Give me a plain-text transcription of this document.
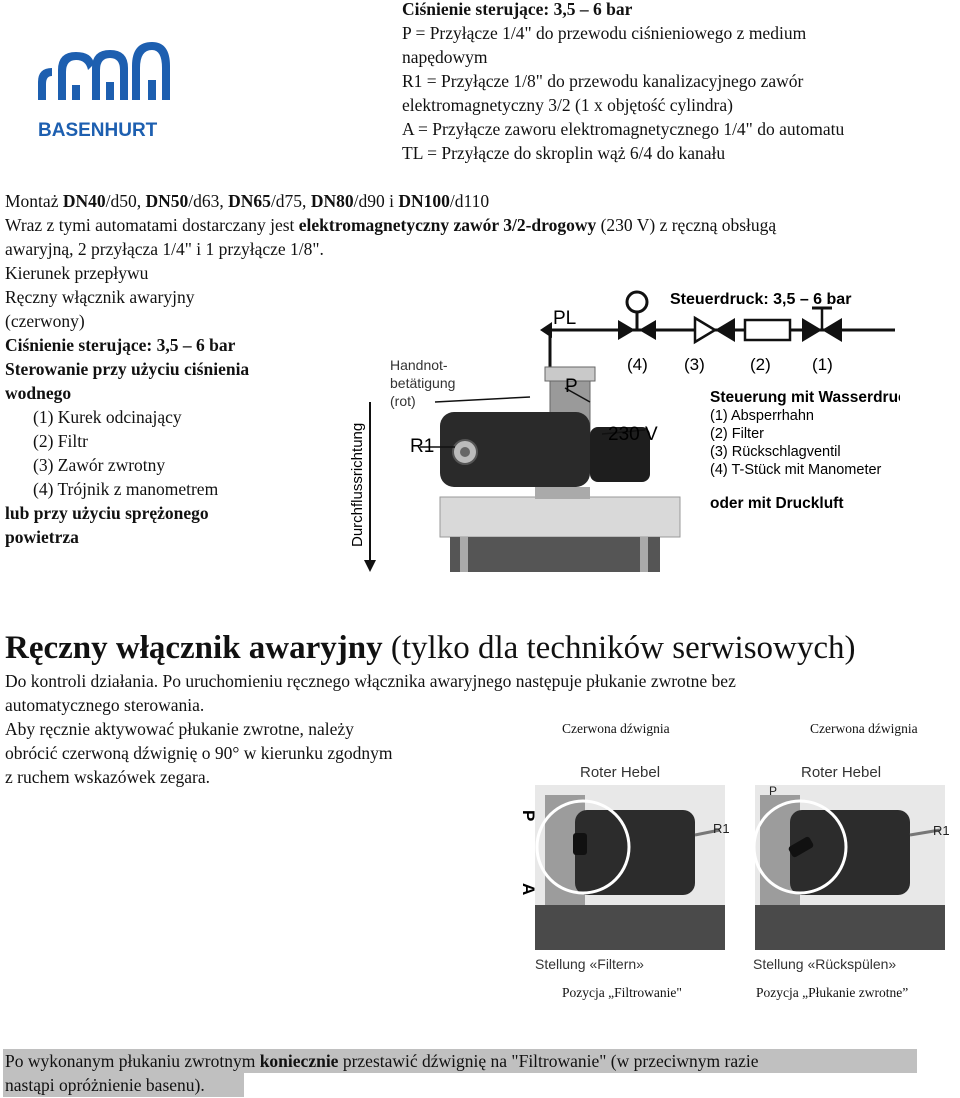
BASENHURT
Ciśnienie sterujące: 3,5 – 6 bar
P = Przyłącze 1/4" do przewodu ciśnieniowego z medium
napędowym
R1 = Przyłącze 1/8" do przewodu kanalizacyjnego zawór
elektromagnetyczny 3/2 (1 x objętość cylindra)
A = Przyłącze zaworu elektromagnetycznego 1/4" do automatu
TL = Przyłącze do skroplin wąż 6/4 do kanału
Montaż DN40/d50, DN50/d63, DN65/d75, DN80/d90 i DN100/d110
Wraz z tymi automatami dostarczany jest elektromagnetyczny zawór 3/2-drogowy (230 V) z ręczną obsługą
awaryjną, 2 przyłącza 1/4" i 1 przyłącze 1/8".
Kierunek przepływu
Ręczny włącznik awaryjny
(czerwony)
Ciśnienie sterujące: 3,5 – 6 bar
Sterowanie przy użyciu ciśnienia
wodnego
(1) Kurek odcinający
(2) Filtr
(3) Zawór zwrotny
(4) Trójnik z manometrem
lub przy użyciu sprężonego
powietrza
Steuerdruck: 3,5 – 6 bar
PL
(4) (3)	(2) (1)
Handnot-
betätigung
(rot)
P
230 V
R1
Durchflussrichtung
Steuerung mit Wasserdruck
(1) Absperrhahn
(2) Filter
(3) Rückschlagventil
(4) T-Stück mit Manometer
oder mit Druckluft
Ręczny włącznik awaryjny (tylko dla techników serwisowych)
Do kontroli działania. Po uruchomieniu ręcznego włącznika awaryjnego następuje płukanie zwrotne bez
automatycznego sterowania.
Aby ręcznie aktywować płukanie zwrotne, należy
obrócić czerwoną dźwignię o 90° w kierunku zgodnym
z ruchem wskazówek zegara.
Czerwona dźwignia	Czerwona dźwignia
Roter Hebel
P
A
R1
Stellung «Filtern»
Roter Hebel
P
R1
Stellung «Rückspülen»
Pozycja „Filtrowanie"	Pozycja „Płukanie zwrotne”
Po wykonanym płukaniu zwrotnym koniecznie przestawić dźwignię na "Filtrowanie" (w przeciwnym razie
nastąpi opróżnienie basenu).
